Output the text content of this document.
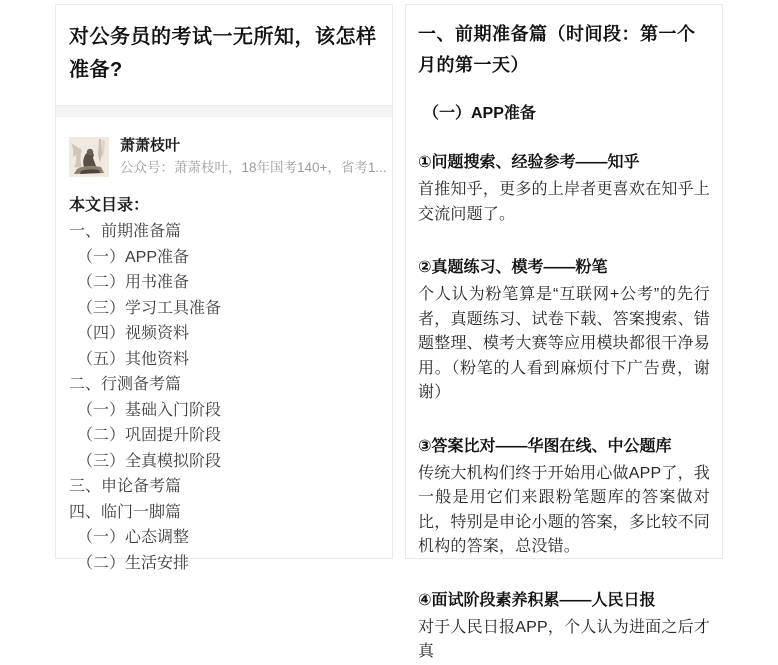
对公务员的考试一无所知，该怎样准备?
萧萧枝叶
公众号：萧萧枝叶，18年国考140+，省考1...
本文目录：
一、前期准备篇
（一）APP准备
（二）用书准备
（三）学习工具准备
（四）视频资料
（五）其他资料
二、行测备考篇
（一）基础入门阶段
（二）巩固提升阶段
（三）全真模拟阶段
三、申论备考篇
四、临门一脚篇
（一）心态调整
（二）生活安排
一、前期准备篇（时间段：第一个月的第一天）
（一）APP准备
①问题搜索、经验参考——知乎
首推知乎，更多的上岸者更喜欢在知乎上交流问题了。
②真题练习、模考——粉笔
个人认为粉笔算是“互联网+公考”的先行者，真题练习、试卷下载、答案搜索、错题整理、模考大赛等应用模块都很干净易用。（粉笔的人看到麻烦付下广告费，谢谢）
③答案比对——华图在线、中公题库
传统大机构们终于开始用心做APP了，我一般是用它们来跟粉笔题库的答案做对比，特别是申论小题的答案，多比较不同机构的答案，总没错。
④面试阶段素养积累——人民日报
对于人民日报APP，个人认为进面之后才真
